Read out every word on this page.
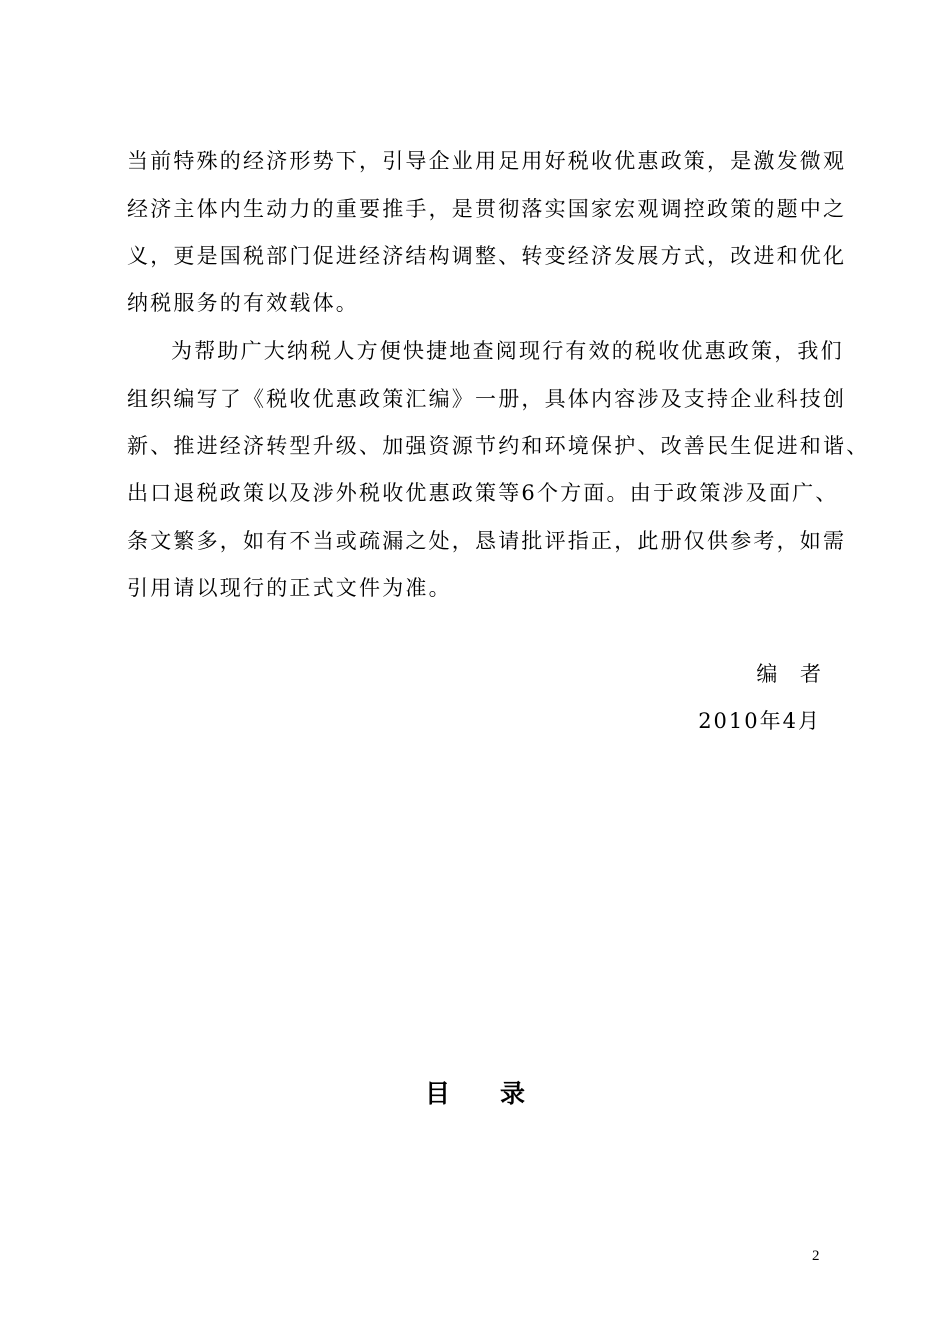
当前特殊的经济形势下，引导企业用足用好税收优惠政策，是激发微观
经济主体内生动力的重要推手，是贯彻落实国家宏观调控政策的题中之
义，更是国税部门促进经济结构调整、转变经济发展方式，改进和优化
纳税服务的有效载体。
为帮助广大纳税人方便快捷地查阅现行有效的税收优惠政策，我们
组织编写了《税收优惠政策汇编》一册，具体内容涉及支持企业科技创
新、推进经济转型升级、加强资源节约和环境保护、改善民生促进和谐、
出口退税政策以及涉外税收优惠政策等6个方面。由于政策涉及面广、
条文繁多，如有不当或疏漏之处，恳请批评指正，此册仅供参考，如需
引用请以现行的正式文件为准。
编 者
2010年4月
目录
2
